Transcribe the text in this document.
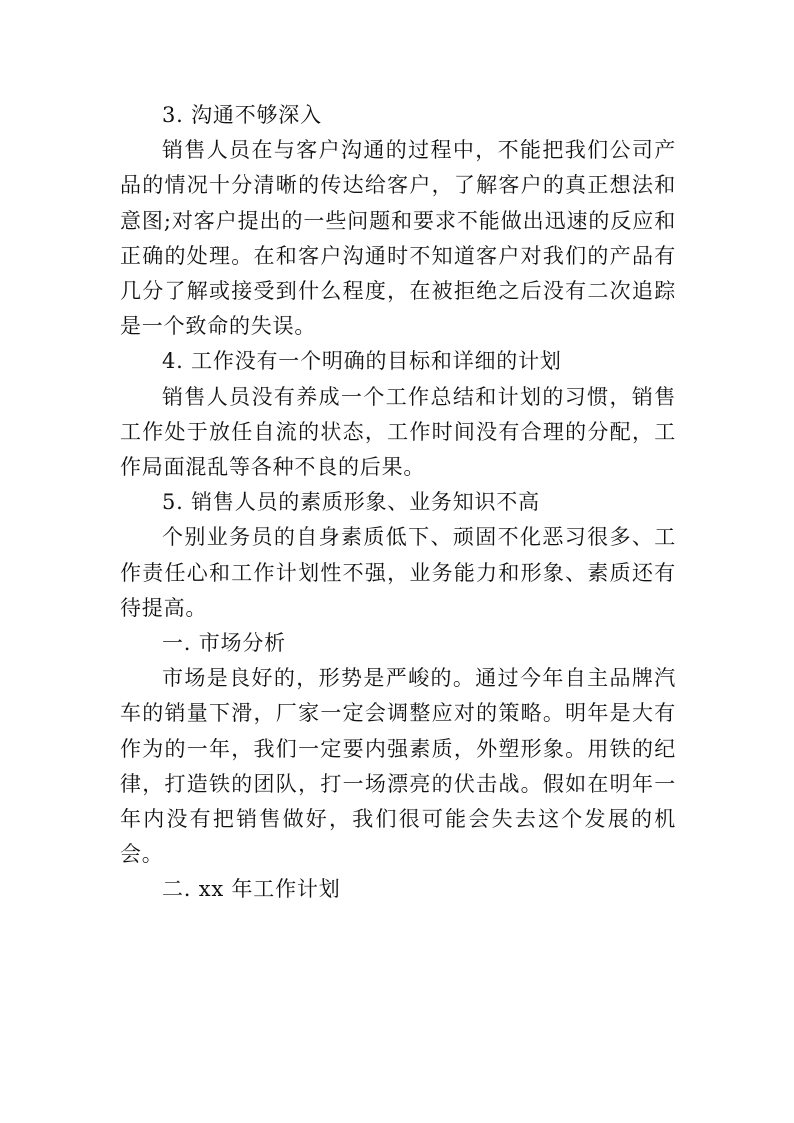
3. 沟通不够深入

销售人员在与客户沟通的过程中，不能把我们公司产品的情况十分清晰的传达给客户，了解客户的真正想法和意图;对客户提出的一些问题和要求不能做出迅速的反应和正确的处理。在和客户沟通时不知道客户对我们的产品有几分了解或接受到什么程度，在被拒绝之后没有二次追踪是一个致命的失误。

4. 工作没有一个明确的目标和详细的计划

销售人员没有养成一个工作总结和计划的习惯，销售工作处于放任自流的状态，工作时间没有合理的分配，工作局面混乱等各种不良的后果。

5. 销售人员的素质形象、业务知识不高

个别业务员的自身素质低下、顽固不化恶习很多、工作责任心和工作计划性不强，业务能力和形象、素质还有待提高。

一. 市场分析

市场是良好的，形势是严峻的。通过今年自主品牌汽车的销量下滑，厂家一定会调整应对的策略。明年是大有作为的一年，我们一定要内强素质，外塑形象。用铁的纪律，打造铁的团队，打一场漂亮的伏击战。假如在明年一年内没有把销售做好，我们很可能会失去这个发展的机会。

二. xx 年工作计划
